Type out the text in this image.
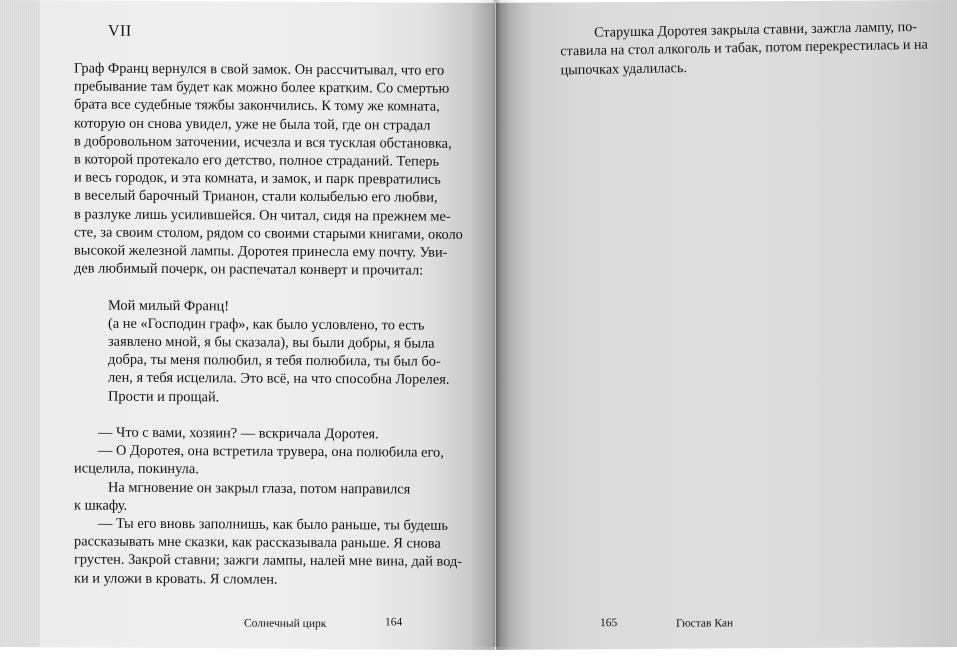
VII
Граф Франц вернулся в свой замок. Он рассчитывал, что его
пребывание там будет как можно более кратким. Со смертью
брата все судебные тяжбы закончились. К тому же комната,
которую он снова увидел, уже не была той, где он страдал
в добровольном заточении, исчезла и вся тусклая обстановка,
в которой протекало его детство, полное страданий. Теперь
и весь городок, и эта комната, и замок, и парк превратились
в веселый барочный Трианон, стали колыбелью его любви,
в разлуке лишь усилившейся. Он читал, сидя на прежнем ме-
сте, за своим столом, рядом со своими старыми книгами, около
высокой железной лампы. Доротея принесла ему почту. Уви-
дев любимый почерк, он распечатал конверт и прочитал:
Мой милый Франц!
(а не «Господин граф», как было условлено, то есть
заявлено мной, я бы сказала), вы были добры, я была
добра, ты меня полюбил, я тебя полюбила, ты был бо-
лен, я тебя исцелила. Это всё, на что способна Лорелея.
Прости и прощай.
— Что с вами, хозяин? — вскричала Доротея.
— О Доротея, она встретила трувера, она полюбила его,
исцелила, покинула.
На мгновение он закрыл глаза, потом направился
к шкафу.
— Ты его вновь заполнишь, как было раньше, ты будешь
рассказывать мне сказки, как рассказывала раньше. Я снова
грустен. Закрой ставни; зажги лампы, налей мне вина, дай вод-
ки и уложи в кровать. Я сломлен.
Солнечный цирк	164
Старушка Доротея закрыла ставни, зажгла лампу, по-
ставила на стол алкоголь и табак, потом перекрестилась и на
цыпочках удалилась.
165	Гюстав Кан
